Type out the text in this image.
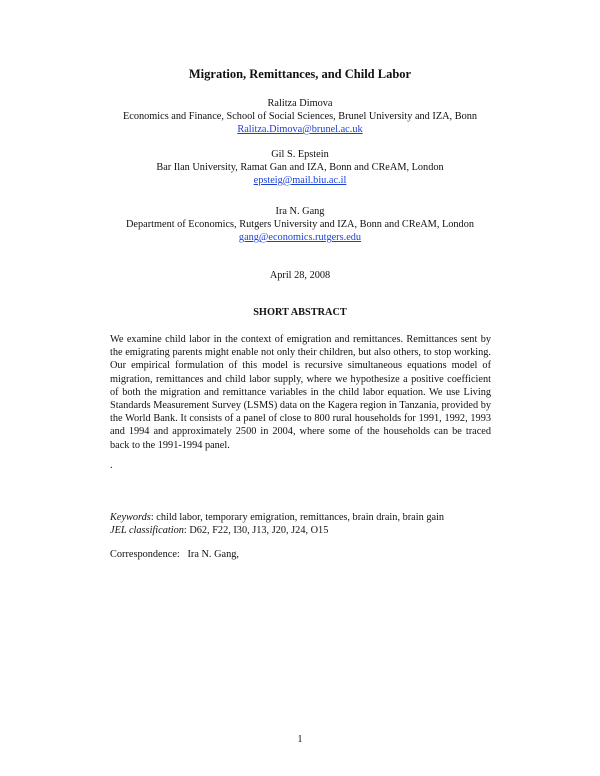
Migration, Remittances, and Child Labor
Ralitza Dimova
Economics and Finance, School of Social Sciences, Brunel University and IZA, Bonn
Ralitza.Dimova@brunel.ac.uk
Gil S. Epstein
Bar Ilan University, Ramat Gan and IZA, Bonn and CReAM, London
epsteig@mail.biu.ac.il
Ira N. Gang
Department of Economics, Rutgers University and IZA, Bonn and CReAM, London
gang@economics.rutgers.edu
April 28, 2008
SHORT ABSTRACT

We examine child labor in the context of emigration and remittances. Remittances sent by the emigrating parents might enable not only their children, but also others, to stop working. Our empirical formulation of this model is recursive simultaneous equations model of migration, remittances and child labor supply, where we hypothesize a positive coefficient of both the migration and remittance variables in the child labor equation. We use Living Standards Measurement Survey (LSMS) data on the Kagera region in Tanzania, provided by the World Bank. It consists of a panel of close to 800 rural households for 1991, 1992, 1993 and 1994 and approximately 2500 in 2004, where some of the households can be traced back to the 1991-1994 panel.

.
Keywords: child labor, temporary emigration, remittances, brain drain, brain gain
JEL classification: D62, F22, I30, J13, J20, J24, O15
Correspondence:   Ira N. Gang,
1
